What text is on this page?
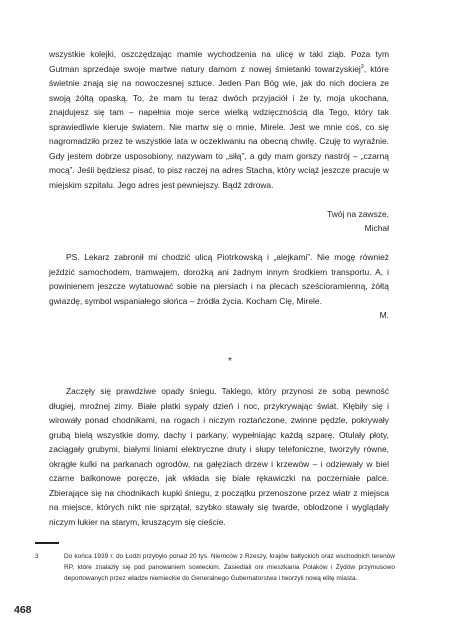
wszystkie kolejki, oszczędzając mamie wychodzenia na ulicę w taki ziąb. Poza tym Gutman sprzedaje swoje martwe natury damom z nowej śmietanki towarzyskiej$^3$, które świetnie znają się na nowoczesnej sztuce. Jeden Pan Bóg wie, jak do nich dociera ze swoją żółtą opaską. To, że mam tu teraz dwóch przyjaciół i że ty, moja ukochana, znajdujesz się tam – napełnia moje serce wielką wdzięcznością dla Tego, który tak sprawiedliwie kieruje światem. Nie martw się o mnie, Mirele. Jest we mnie coś, co się nagromadziło przez te wszystkie lata w oczekiwaniu na obecną chwilę. Czuję to wyraźnie. Gdy jestem dobrze usposobiony, nazywam to „siłą”, a gdy mam gorszy nastrój – „czarną mocą”. Jeśli będziesz pisać, to pisz raczej na adres Stacha, który wciąż jeszcze pracuje w miejskim szpitalu. Jego adres jest pewniejszy. Bądź zdrowa.

Twój na zawsze,

Michał

PS. Lekarz zabronił mi chodzić ulicą Piotrkowską i „alejkami”. Nie mogę również jeździć samochodem, tramwajem, dorożką ani żadnym innym środkiem transportu. A, i powinienem jeszcze wytatuować sobie na piersiach i na plecach sześcioramienną, żółtą gwiazdę, symbol wspaniałego słońca – źródła życia. Kocham Cię, Mirele.

M.

*

Zaczęły się prawdziwe opady śniegu. Takiego, który przynosi ze sobą pewność długiej, mroźnej zimy. Białe płatki sypały dzień i noc, przykrywając świat. Kłębiły się i wirowały ponad chodnikami, na rogach i niczym roztańczone, zwinne pędzle, pokrywały grubą bielą wszystkie domy, dachy i parkany, wypełniając każdą szparę. Otulały płoty, zaciągały grubymi, białymi liniami elektryczne druty i słupy telefoniczne, tworzyły równe, okrągłe kulki na parkanach ogrodów, na gałęziach drzew i krzewów – i odziewały w biel czarne balkonowe poręcze, jak wkłada się białe rękawiczki na poczerniałe palce. Zbierające się na chodnikach kupki śniegu, z początku przenoszone przez wiatr z miejsca na miejsce, których nikt nie sprzątał, szybko stawały się twarde, oblodzone i wyglądały niczym łukier na starym, kruszącym się cieście.

3	Do końca 1939 r. do Łodzi przybyło ponad 20 tys. Niemców z Rzeszy, krajów bałtyckich oraz wschodnich terenów RP, które znalazły się pod panowaniem sowieckim. Zasiedlali oni mieszkania Polaków i Żydów przymusowo deportowanych przez władze niemieckie do Generalnego Gubernatorstwa i tworzyli nową elitę miasta.
468
